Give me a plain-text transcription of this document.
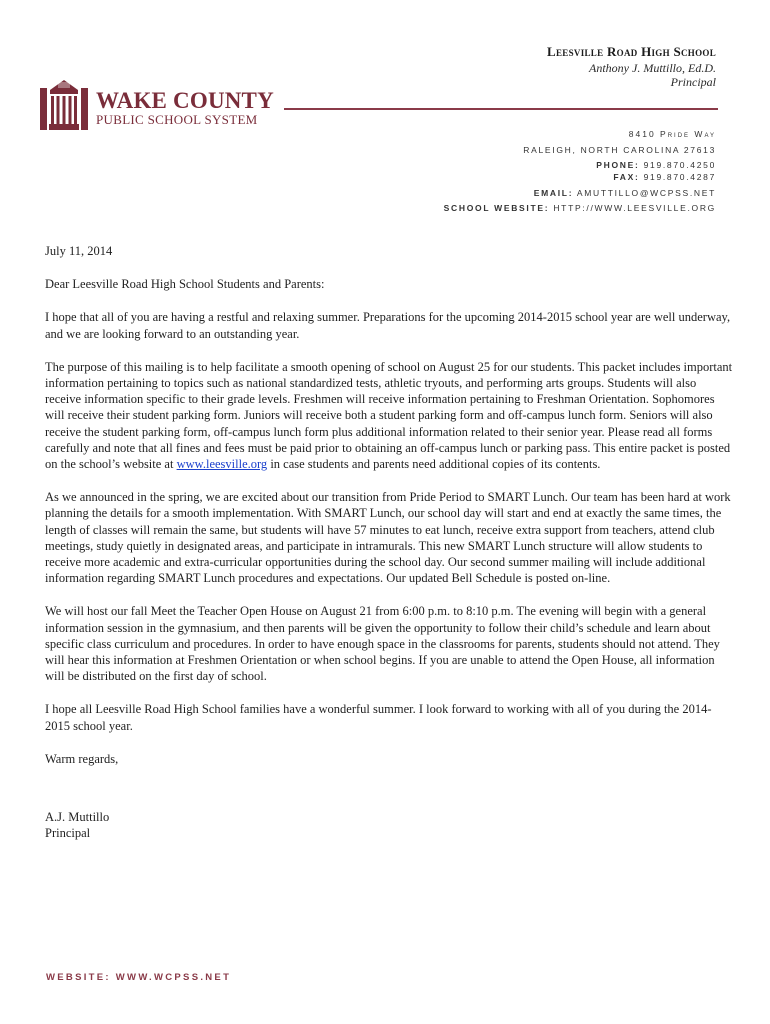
Leesville Road High School
Anthony J. Muttillo, Ed.D.
Principal
WAKE COUNTY
PUBLIC SCHOOL SYSTEM
8410 Pride Way
RALEIGH, NORTH CAROLINA 27613
PHONE: 919.870.4250
FAX: 919.870.4287
EMAIL: AMUTTILLO@WCPSS.NET
SCHOOL WEBSITE: HTTP://WWW.LEESVILLE.ORG

July 11, 2014

Dear Leesville Road High School Students and Parents:

I hope that all of you are having a restful and relaxing summer. Preparations for the upcoming 2014-2015 school year are well underway, and we are looking forward to an outstanding year.

The purpose of this mailing is to help facilitate a smooth opening of school on August 25 for our students. This packet includes important information pertaining to topics such as national standardized tests, athletic tryouts, and performing arts groups. Students will also receive information specific to their grade levels. Freshmen will receive information pertaining to Freshman Orientation. Sophomores will receive their student parking form. Juniors will receive both a student parking form and off-campus lunch form. Seniors will also receive the student parking form, off-campus lunch form plus additional information related to their senior year. Please read all forms carefully and note that all fines and fees must be paid prior to obtaining an off-campus lunch or parking pass. This entire packet is posted on the school’s website at www.leesville.org in case students and parents need additional copies of its contents.

As we announced in the spring, we are excited about our transition from Pride Period to SMART Lunch. Our team has been hard at work planning the details for a smooth implementation. With SMART Lunch, our school day will start and end at exactly the same times, the length of classes will remain the same, but students will have 57 minutes to eat lunch, receive extra support from teachers, attend club meetings, study quietly in designated areas, and participate in intramurals. This new SMART Lunch structure will allow students to receive more academic and extra-curricular opportunities during the school day. Our second summer mailing will include additional information regarding SMART Lunch procedures and expectations. Our updated Bell Schedule is posted on-line.

We will host our fall Meet the Teacher Open House on August 21 from 6:00 p.m. to 8:10 p.m. The evening will begin with a general information session in the gymnasium, and then parents will be given the opportunity to follow their child’s schedule and learn about specific class curriculum and procedures. In order to have enough space in the classrooms for parents, students should not attend. They will hear this information at Freshmen Orientation or when school begins. If you are unable to attend the Open House, all information will be distributed on the first day of school.

I hope all Leesville Road High School families have a wonderful summer. I look forward to working with all of you during the 2014-2015 school year.

Warm regards,

A.J. Muttillo
Principal
WEBSITE: WWW.WCPSS.NET
